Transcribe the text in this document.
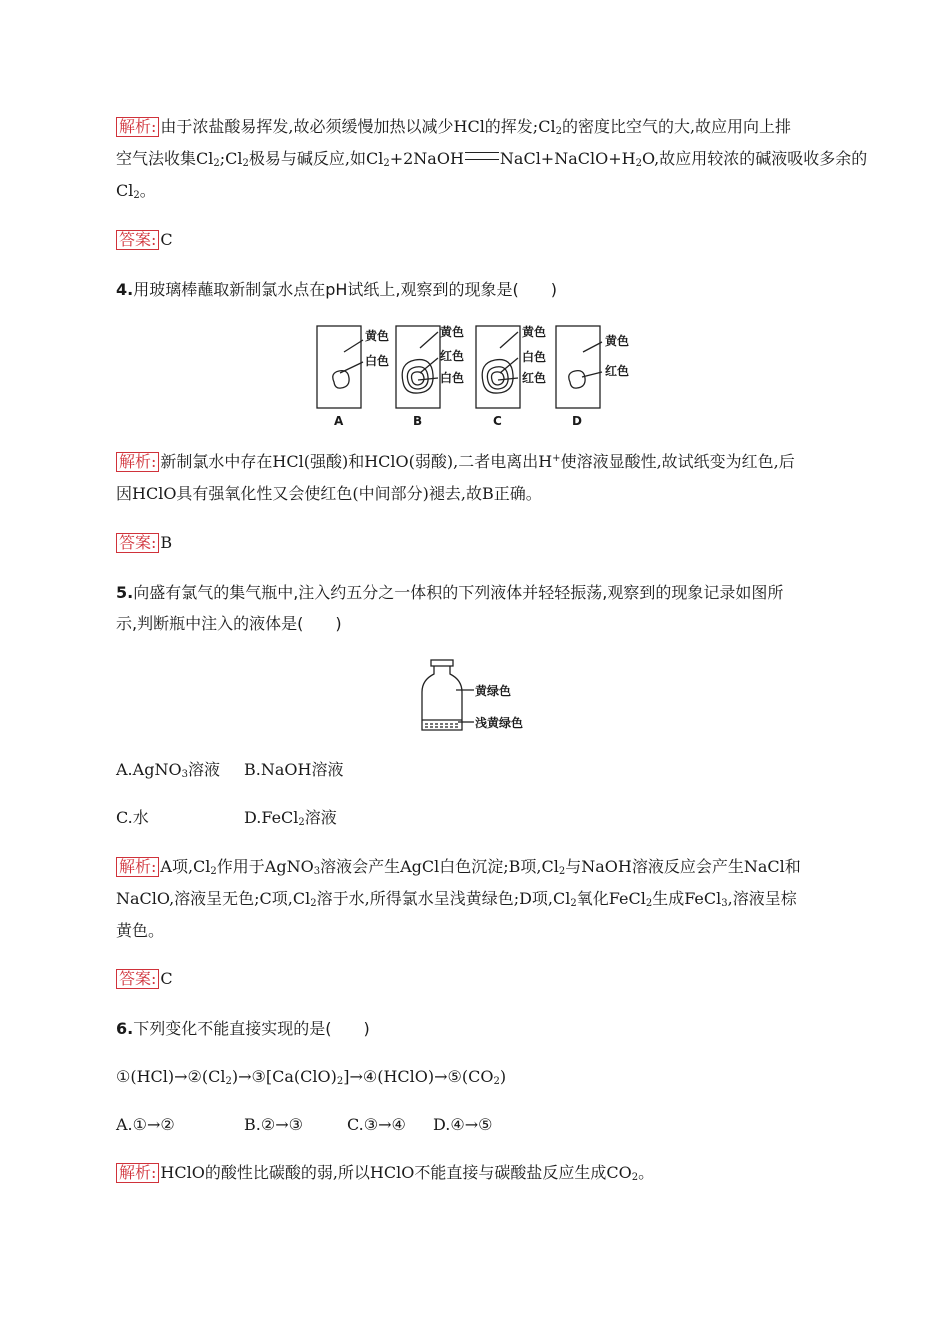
解析: 由于浓盐酸易挥发,故必须缓慢加热以减少HCl的挥发$;Cl_2$的密度比空气的大,故应用向上排
空气法收集$Cl_2;Cl_2$极易与碱反应,如$Cl_2+2NaOH$ $NaCl+NaClO+H_2O$,故应用较浓的碱液吸收多余的
$Cl_2$。
答案: C
4.用玻璃棒蘸取新制氯水点在pH试纸上,观察到的现象是(　　)
黄色
白色
黄色
红色
白色
黄色
白色
红色
黄色
红色
A	B	C	D
解析: 新制氯水中存在HCl(强酸)和HClO(弱酸),二者电离出H+使溶液显酸性,故试纸变为红色,后
因HClO具有强氧化性又会使红色(中间部分)褪去,故B正确。
答案: B
5.向盛有氯气的集气瓶中,注入约五分之一体积的下列液体并轻轻振荡,观察到的现象记录如图所
示,判断瓶中注入的液体是(　　)
黄绿色
浅黄绿色
A.AgNO$_3$溶液 B.NaOH溶液
C.水	D.FeCl$_2$溶液
解析: A项$,Cl_2$作用于AgNO$_3$溶液会产生AgCl白色沉淀;B项$,Cl_2$与NaOH溶液反应会产生NaCl和
NaClO,溶液呈无色;C项$,Cl_2$溶于水,所得氯水呈浅黄绿色;D项$,Cl_2$氧化FeCl$_2$生成FeCl$_3$,溶液呈棕
黄色。
答案: C
6.下列变化不能直接实现的是(　　)
$①(HCl)\to ②(Cl_2)\to ③[Ca(ClO)_2]\to ④(HClO)\to ⑤(CO_2)$
A.①→②	B.②→③	C.③→④ D.④→⑤
解析: HClO的酸性比碳酸的弱,所以HClO不能直接与碳酸盐反应生成$CO_2$。
